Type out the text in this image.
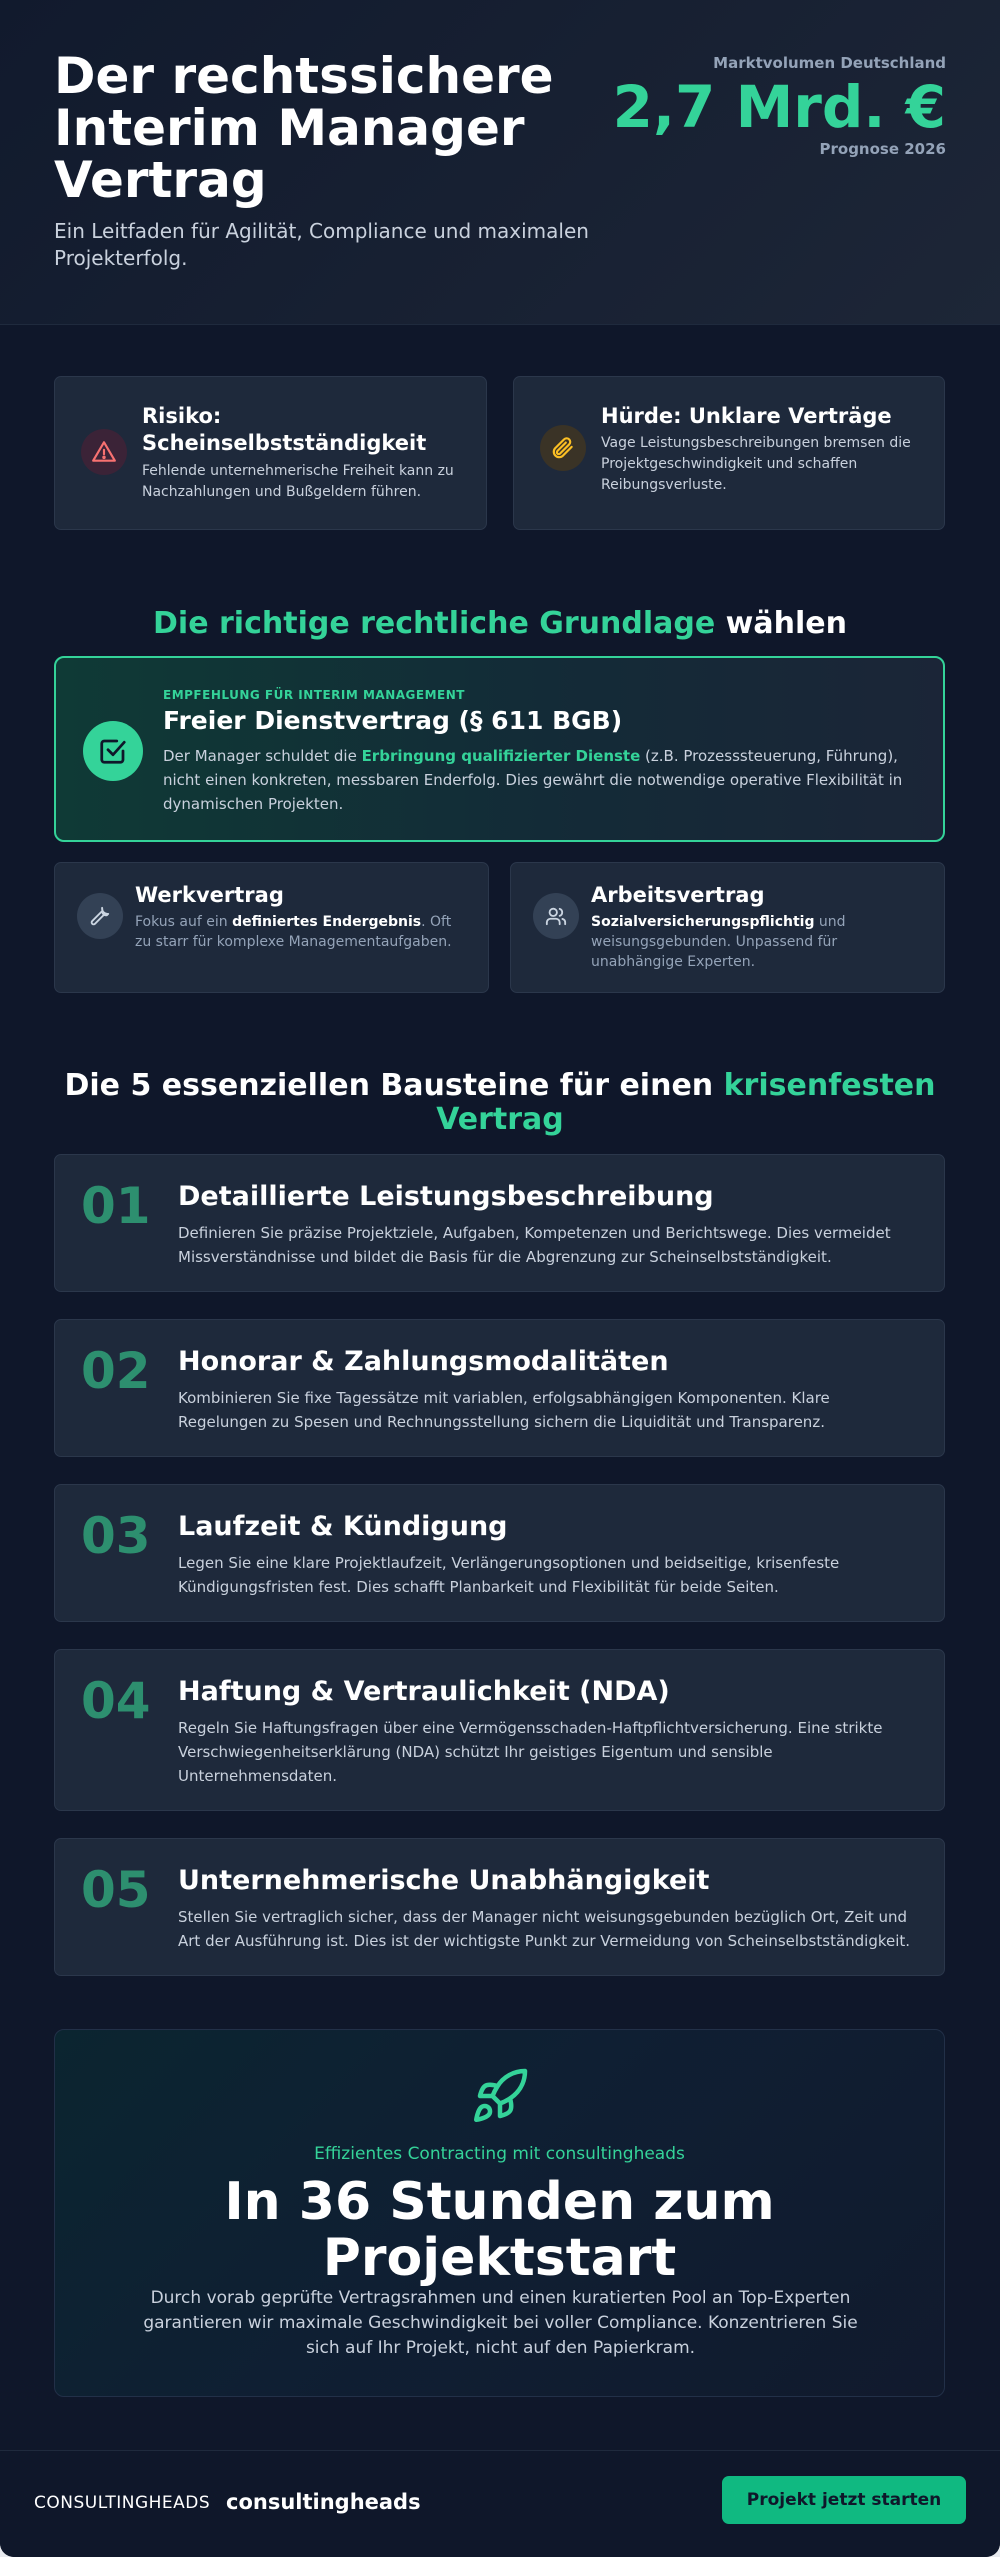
Der rechtssichere Interim Manager Vertrag
Ein Leitfaden für Agilität, Compliance und maximalen Projekterfolg.
Marktvolumen Deutschland
2,7 Mrd. €
Prognose 2026
Risiko: Scheinselbstständigkeit
Fehlende unternehmerische Freiheit kann zu Nachzahlungen und Bußgeldern führen.
Hürde: Unklare Verträge
Vage Leistungsbeschreibungen bremsen die Projektgeschwindigkeit und schaffen Reibungsverluste.
Die richtige rechtliche Grundlage wählen
EMPFEHLUNG FÜR INTERIM MANAGEMENT
Freier Dienstvertrag (§ 611 BGB)
Der Manager schuldet die Erbringung qualifizierter Dienste (z.B. Prozesssteuerung, Führung), nicht einen konkreten, messbaren Enderfolg. Dies gewährt die notwendige operative Flexibilität in dynamischen Projekten.
Werkvertrag
Fokus auf ein definiertes Endergebnis. Oft zu starr für komplexe Managementaufgaben.
Arbeitsvertrag
Sozialversicherungspflichtig und weisungsgebunden. Unpassend für unabhängige Experten.
Die 5 essenziellen Bausteine für einen krisenfesten Vertrag
01 Detaillierte Leistungsbeschreibung
Definieren Sie präzise Projektziele, Aufgaben, Kompetenzen und Berichtswege. Dies vermeidet Missverständnisse und bildet die Basis für die Abgrenzung zur Scheinselbstständigkeit.
02 Honorar & Zahlungsmodalitäten
Kombinieren Sie fixe Tagessätze mit variablen, erfolgsabhängigen Komponenten. Klare Regelungen zu Spesen und Rechnungsstellung sichern die Liquidität und Transparenz.
03 Laufzeit & Kündigung
Legen Sie eine klare Projektlaufzeit, Verlängerungsoptionen und beidseitige, krisenfeste Kündigungsfristen fest. Dies schafft Planbarkeit und Flexibilität für beide Seiten.
04 Haftung & Vertraulichkeit (NDA)
Regeln Sie Haftungsfragen über eine Vermögensschaden-Haftpflichtversicherung. Eine strikte Verschwiegenheitserklärung (NDA) schützt Ihr geistiges Eigentum und sensible Unternehmensdaten.
05 Unternehmerische Unabhängigkeit
Stellen Sie vertraglich sicher, dass der Manager nicht weisungsgebunden bezüglich Ort, Zeit und Art der Ausführung ist. Dies ist der wichtigste Punkt zur Vermeidung von Scheinselbstständigkeit.
Effizientes Contracting mit consultingheads
In 36 Stunden zum Projektstart
Durch vorab geprüfte Vertragsrahmen und einen kuratierten Pool an Top-Experten garantieren wir maximale Geschwindigkeit bei voller Compliance. Konzentrieren Sie sich auf Ihr Projekt, nicht auf den Papierkram.
CONSULTINGHEADS consultingheads	Projekt jetzt starten
